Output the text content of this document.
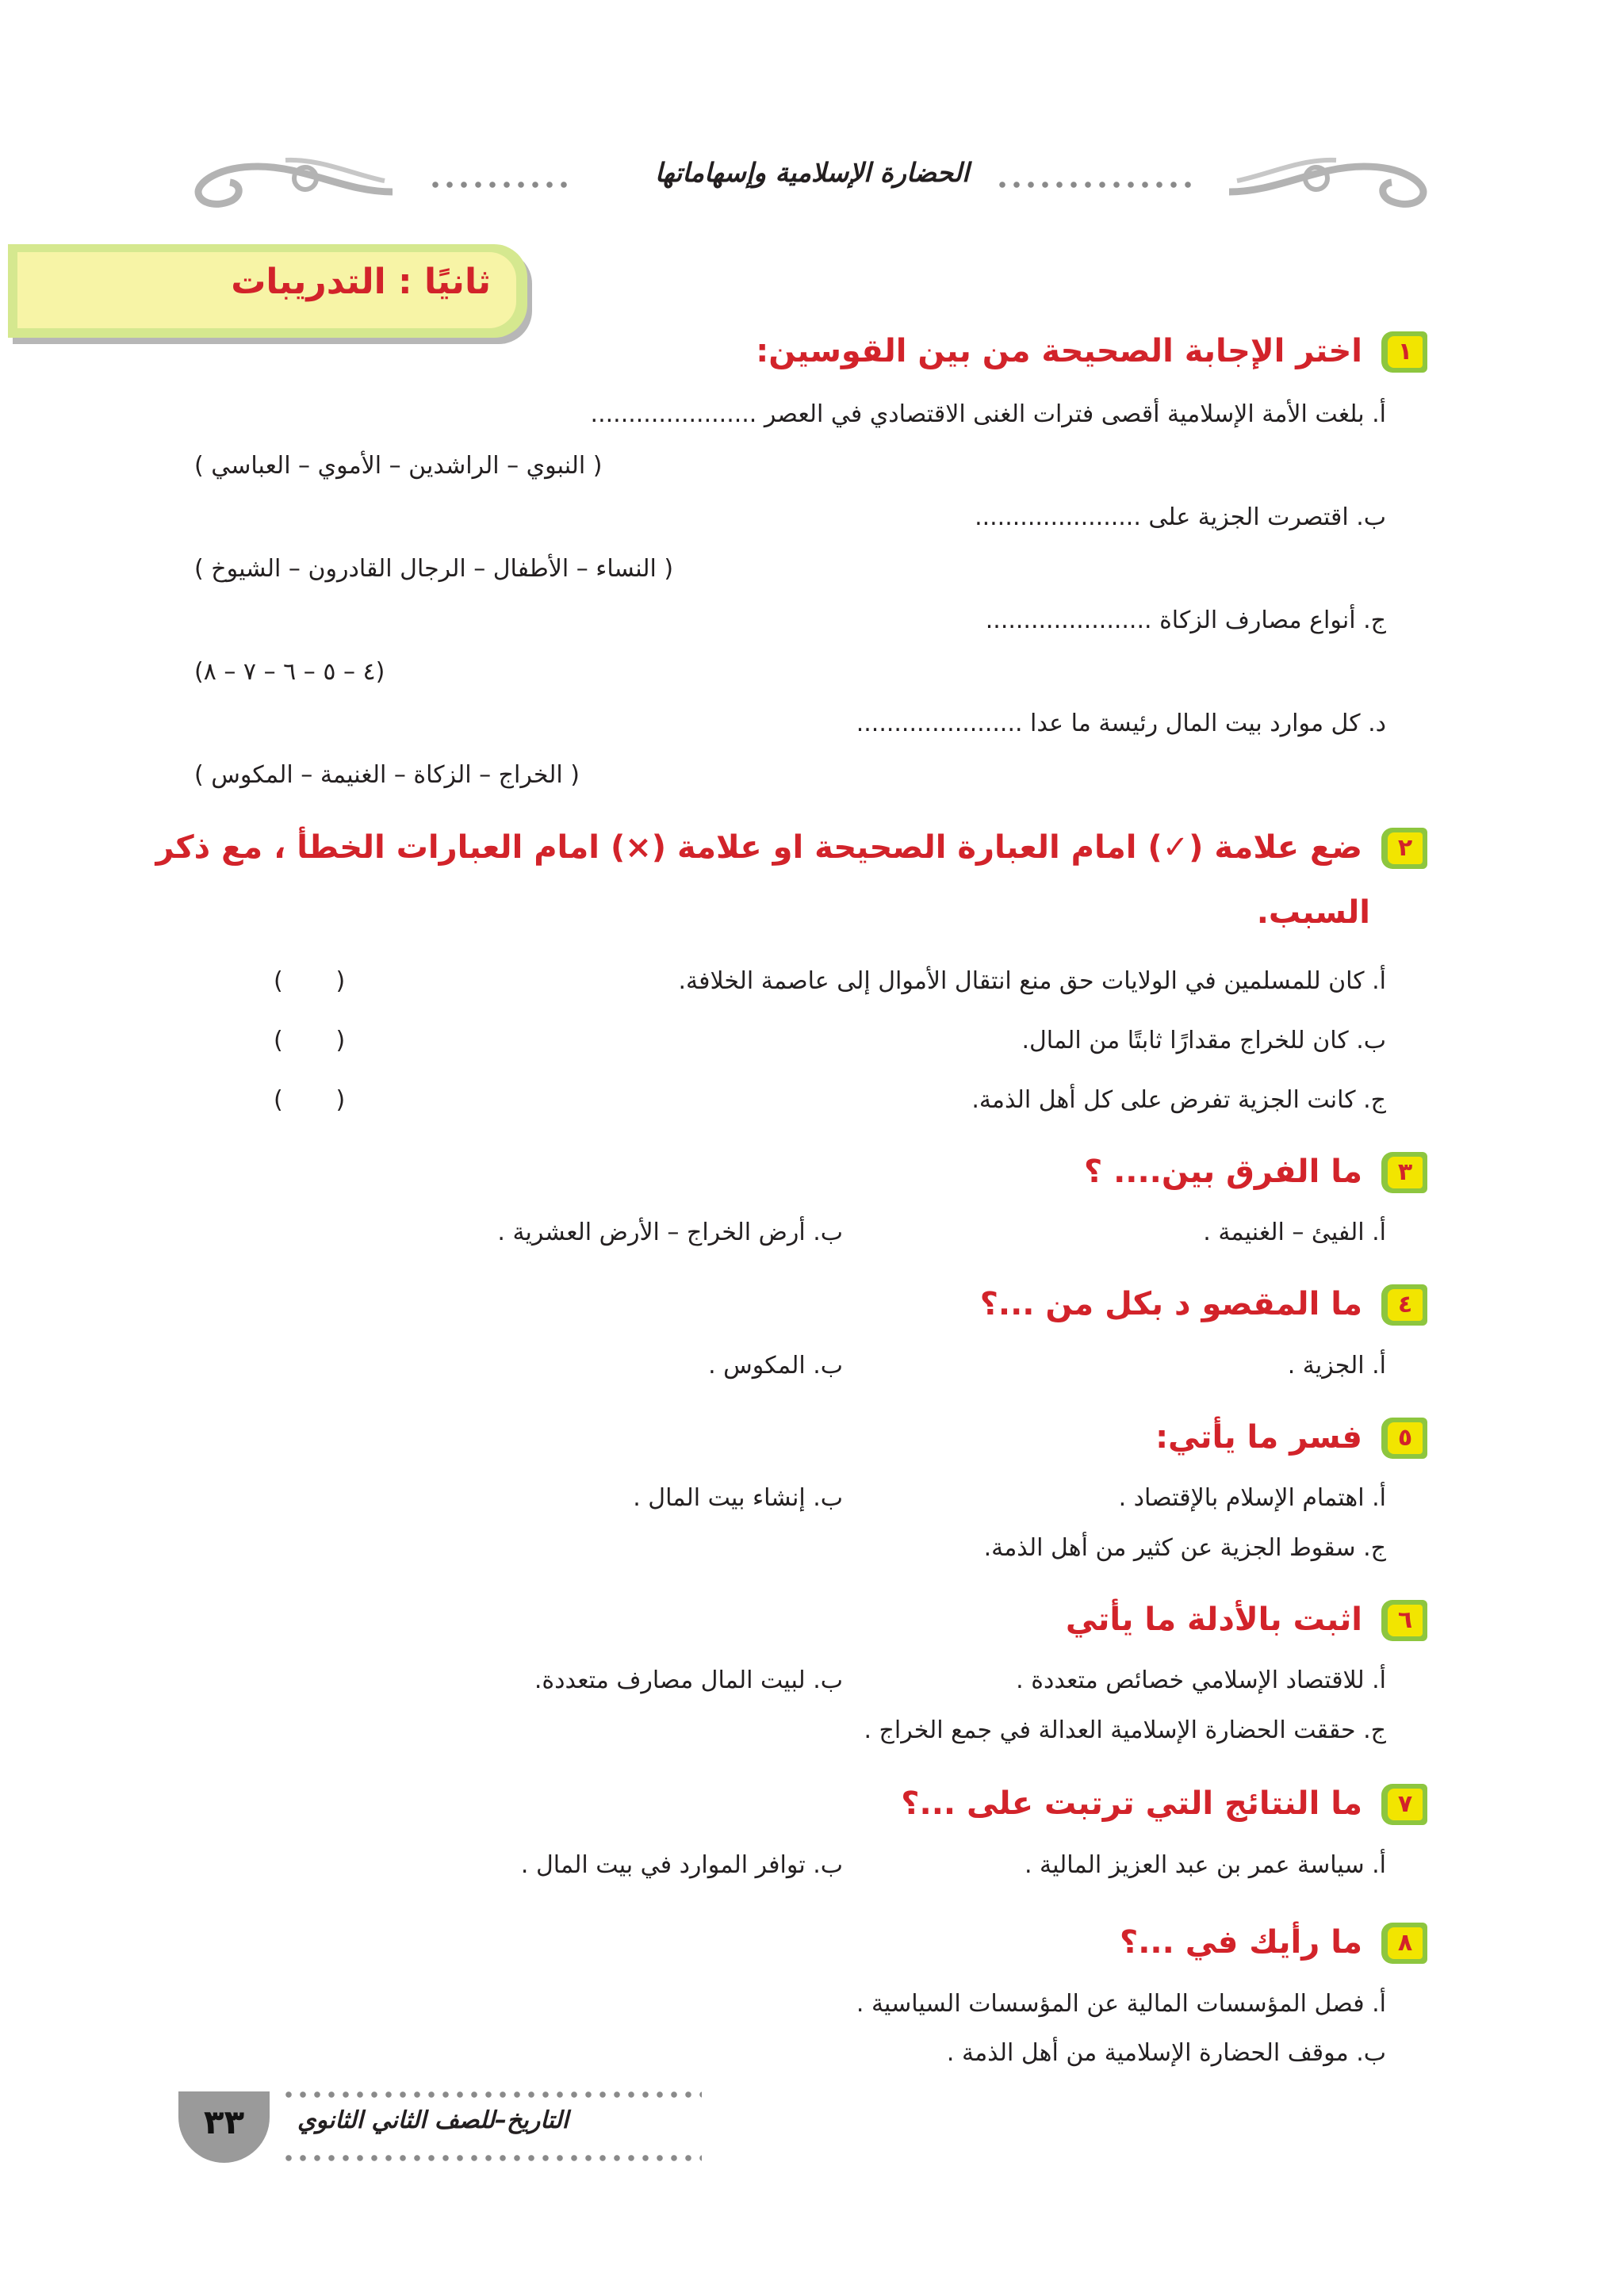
الحضارة الإسلامية وإسهاماتها
ثانيًا : التدريبات
١
اختر الإجابة الصحيحة من بين القوسين:
أ. بلغت الأمة الإسلامية أقصى فترات الغنى الاقتصادي في العصر ......................
( النبوي – الراشدين – الأموي – العباسي )
ب. اقتصرت الجزية على ......................
( النساء – الأطفال – الرجال القادرون – الشيوخ )
ج. أنواع مصارف الزكاة ......................
(٤ – ٥ – ٦ – ٧ – ٨)
د. كل موارد بيت المال رئيسة ما عدا ......................
( الخراج – الزكاة – الغنيمة – المكوس )
٢
ضع علامة (✓) امام العبارة الصحيحة او علامة (×) امام العبارات الخطأ ، مع ذكر
السبب.
أ. كان للمسلمين في الولايات حق منع انتقال الأموال إلى عاصمة الخلافة.
(       )
ب. كان للخراج مقدارًا ثابتًا من المال.
(       )
ج. كانت الجزية تفرض على كل أهل الذمة.
(       )
٣
ما الفرق بين.... ؟
أ. الفيئ – الغنيمة .
ب. أرض الخراج – الأرض العشرية .
٤
ما المقصو د بكل من ...؟
أ. الجزية .
ب. المكوس .
٥
فسر ما يأتي:
أ. اهتمام الإسلام بالإقتصاد .
ب. إنشاء بيت المال .
ج. سقوط الجزية عن كثير من أهل الذمة.
٦
اثبت بالأدلة ما يأتي
أ. للاقتصاد الإسلامي خصائص متعددة .
ب. لبيت المال مصارف متعددة.
ج. حققت الحضارة الإسلامية العدالة في جمع الخراج .
٧
ما النتائج التي ترتبت على ...؟
أ. سياسة عمر بن عبد العزيز المالية .
ب. توافر الموارد في بيت المال .
٨
ما رأيك في ...؟
أ. فصل المؤسسات المالية عن المؤسسات السياسية .
ب. موقف الحضارة الإسلامية من أهل الذمة .
٣٣	التاريخ–للصف الثاني الثانوي
